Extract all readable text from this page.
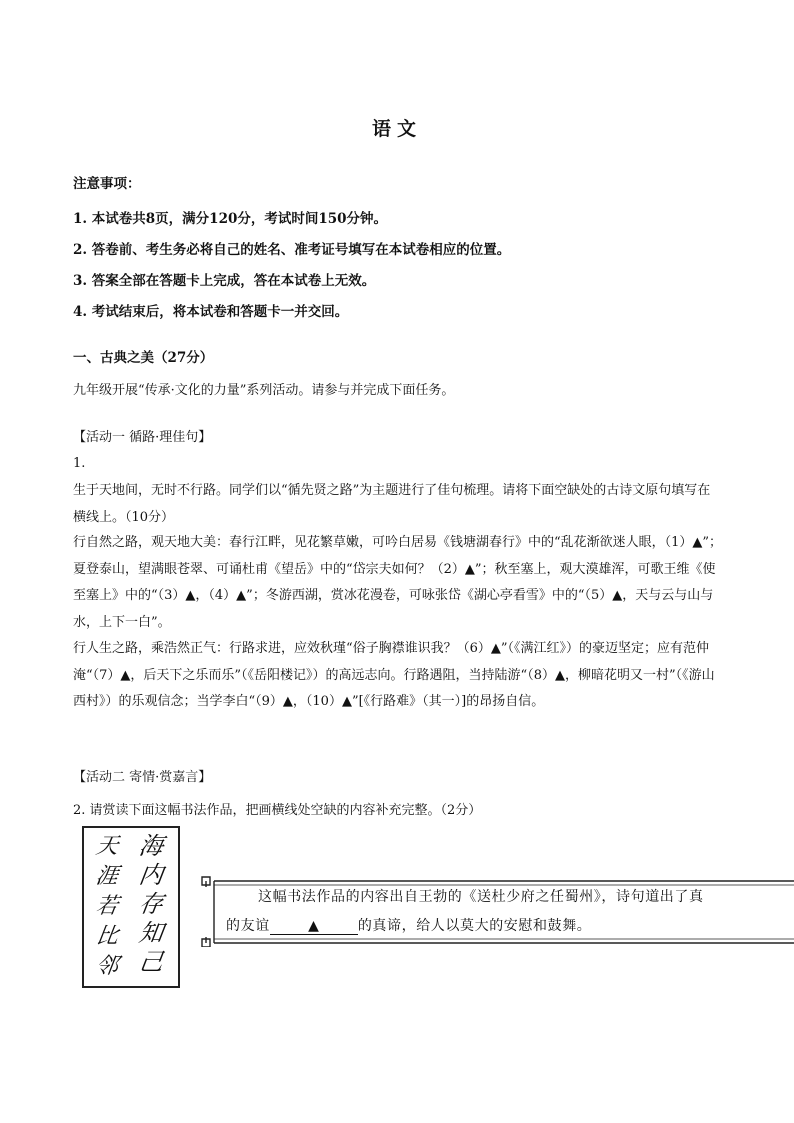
语文
注意事项：
1. 本试卷共8页，满分120分，考试时间150分钟。
2. 答卷前、考生务必将自己的姓名、准考证号填写在本试卷相应的位置。
3. 答案全部在答题卡上完成，答在本试卷上无效。
4. 考试结束后，将本试卷和答题卡一并交回。
一、古典之美（27分）
九年级开展“传承·文化的力量”系列活动。请参与并完成下面任务。
【活动一 循路·理佳句】
1.
生于天地间，无时不行路。同学们以“循先贤之路”为主题进行了佳句梳理。请将下面空缺处的古诗文原句填写在横线上。（10分）
行自然之路，观天地大美：春行江畔，见花繁草嫩，可吟白居易《钱塘湖春行》中的“乱花渐欲迷人眼，（1）▲”；夏登泰山，望满眼苍翠、可诵杜甫《望岳》中的“岱宗夫如何？（2）▲”；秋至塞上，观大漠雄浑，可歌王维《使至塞上》中的“（3）▲，（4）▲”；冬游西湖，赏冰花漫卷，可咏张岱《湖心亭看雪》中的“（5）▲，天与云与山与水，上下一白”。
行人生之路，乘浩然正气：行路求进，应效秋瑾“俗子胸襟谁识我？（6）▲”（《满江红》）的豪迈坚定；应有范仲淹“（7）▲，后天下之乐而乐”（《岳阳楼记》）的高远志向。行路遇阻，当持陆游“（8）▲，柳暗花明又一村”（《游山西村》）的乐观信念；当学李白“（9）▲，（10）▲”[《行路难》（其一）]的昂扬自信。
【活动二 寄情·赏嘉言】
2. 请赏读下面这幅书法作品，把画横线处空缺的内容补充完整。（2分）
海
内
存
知
己
天
涯
若
比
邻
这幅书法作品的内容出自王勃的《送杜少府之任蜀州》，诗句道出了真
的友谊	▲	的真谛，给人以莫大的安慰和鼓舞。
